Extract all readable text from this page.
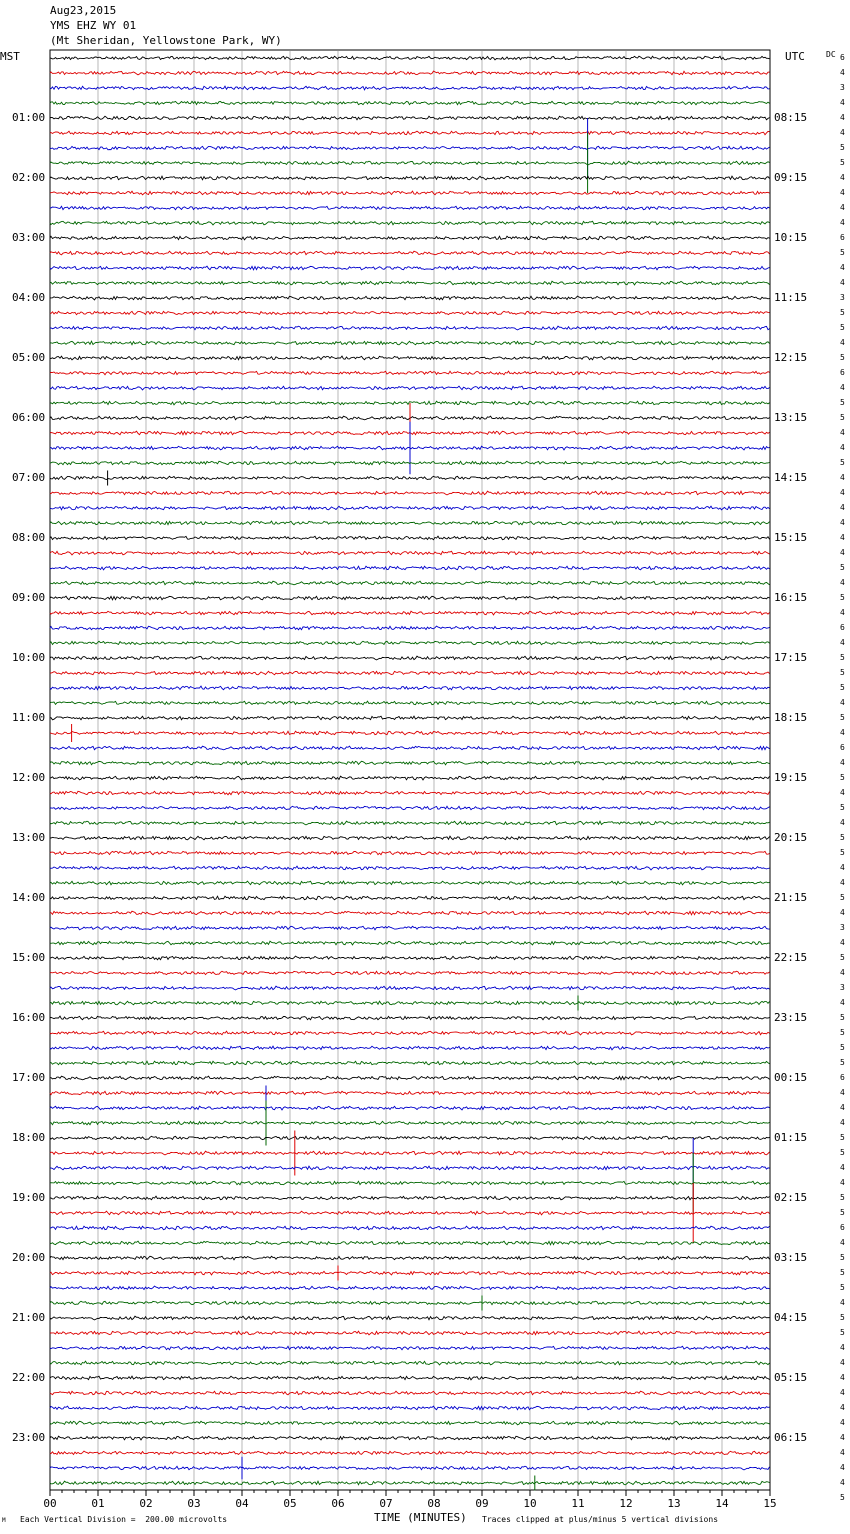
Aug23,2015
YMS EHZ WY 01
(Mt Sheridan, Yellowstone Park, WY)
MST	UTC	DC
00	01	02	03	04	05	06	07	08	09	10	11	12	13	14	15
01:00
02:00
03:00
04:00
05:00
06:00
07:00
08:00
09:00
10:00
11:00
12:00
13:00
14:00
15:00
16:00
17:00
18:00
19:00
20:00
21:00
22:00
23:00
08:15
09:15
10:15
11:15
12:15
13:15
14:15
15:15
16:15
17:15
18:15
19:15
20:15
21:15
22:15
23:15
00:15
01:15
02:15
03:15
04:15
05:15
06:15
6
4
3
4
4
4
5
5
4
4
4
4
6
5
4
4
3
5
5
4
5
6
4
5
5
4
4
5
4
4
4
4
4
4
5
4
5
4
6
4
5
5
5
4
5
4
6
4
5
4
5
4
5
5
4
4
5
4
3
4
5
4
3
4
5
5
5
5
6
4
4
4
5
5
4
4
5
5
6
4
5
5
5
4
5
5
4
4
4
4
4
4
4
4
4
4
5
M Each Vertical Division =  200.00 microvolts	TIME (MINUTES) Traces clipped at plus/minus 5 vertical divisions
